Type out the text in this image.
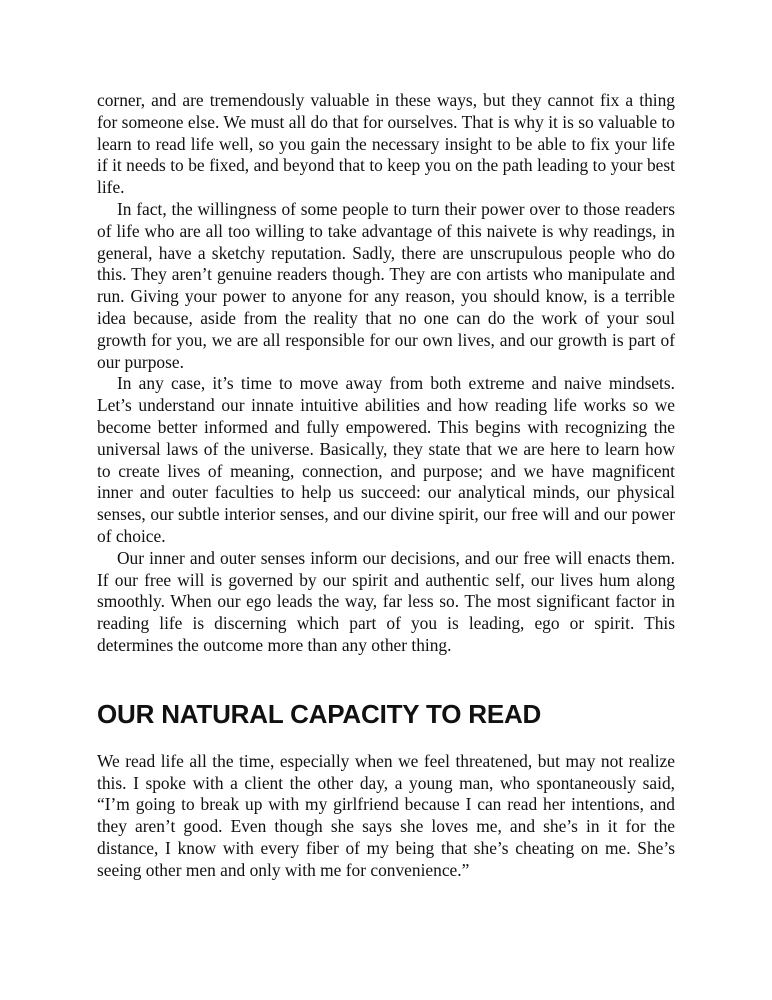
corner, and are tremendously valuable in these ways, but they cannot fix a thing for someone else. We must all do that for ourselves. That is why it is so valuable to learn to read life well, so you gain the necessary insight to be able to fix your life if it needs to be fixed, and beyond that to keep you on the path leading to your best life.

In fact, the willingness of some people to turn their power over to those readers of life who are all too willing to take advantage of this naivete is why readings, in general, have a sketchy reputation. Sadly, there are unscrupulous people who do this. They aren’t genuine readers though. They are con artists who manipulate and run. Giving your power to anyone for any reason, you should know, is a terrible idea because, aside from the reality that no one can do the work of your soul growth for you, we are all responsible for our own lives, and our growth is part of our purpose.

In any case, it’s time to move away from both extreme and naive mindsets. Let’s understand our innate intuitive abilities and how reading life works so we become better informed and fully empowered. This begins with recognizing the universal laws of the universe. Basically, they state that we are here to learn how to create lives of meaning, connection, and purpose; and we have magnificent inner and outer faculties to help us succeed: our analytical minds, our physical senses, our subtle interior senses, and our divine spirit, our free will and our power of choice.

Our inner and outer senses inform our decisions, and our free will enacts them. If our free will is governed by our spirit and authentic self, our lives hum along smoothly. When our ego leads the way, far less so. The most significant factor in reading life is discerning which part of you is leading, ego or spirit. This determines the outcome more than any other thing.

OUR NATURAL CAPACITY TO READ

We read life all the time, especially when we feel threatened, but may not realize this. I spoke with a client the other day, a young man, who spontaneously said, “I’m going to break up with my girlfriend because I can read her intentions, and they aren’t good. Even though she says she loves me, and she’s in it for the distance, I know with every fiber of my being that she’s cheating on me. She’s seeing other men and only with me for convenience.”
